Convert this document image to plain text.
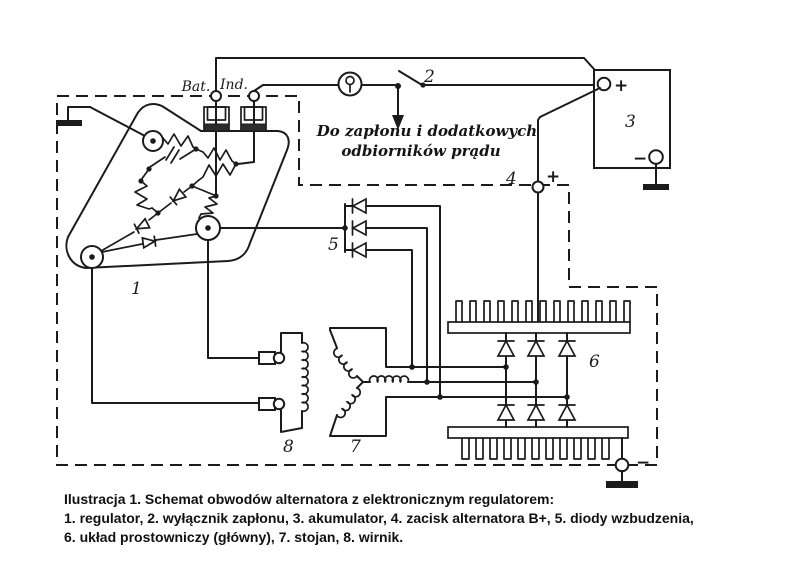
1
Bat. Ind.	2
Do zapłonu i dodatkowych
odbiorników prądu
+
−
3
4 +
5
7
8
6
−
Ilustracja 1. Schemat obwodów alternatora z elektronicznym regulatorem:
1. regulator, 2. wyłącznik zapłonu, 3. akumulator, 4. zacisk alternatora B+, 5. diody wzbudzenia,
6. układ prostowniczy (główny), 7. stojan, 8. wirnik.
